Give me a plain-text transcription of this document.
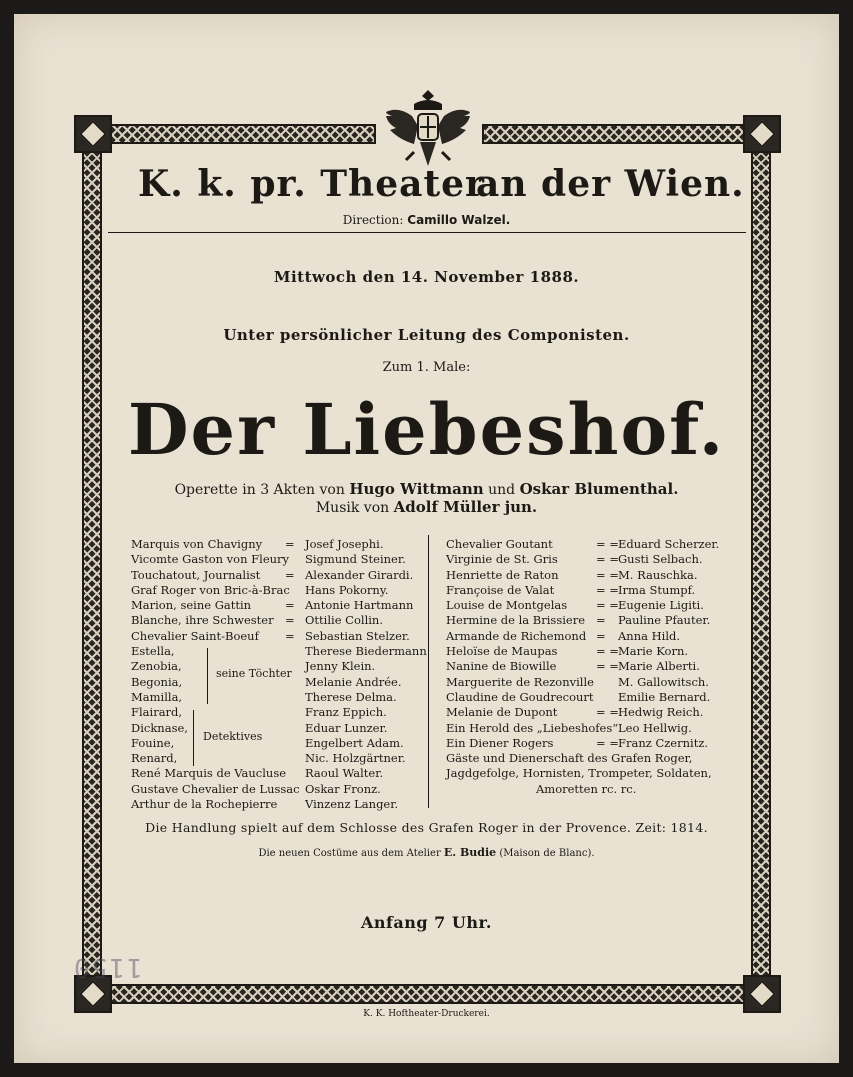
K. k. pr. Theater
an der Wien.
Direction: Camillo Walzel.
Mittwoch den 14. November 1888.
Unter persönlicher Leitung des Componisten.
Zum 1. Male:
Der Liebeshof.
Operette in 3 Akten von Hugo Wittmann und Oskar Blumenthal.
Musik von Adolf Müller jun.
Marquis von Chavigny = Josef Josephi.
Vicomte Gaston von Fleury Sigmund Steiner.
Touchatout, Journalist = Alexander Girardi.
Graf Roger von Bric-à-Brac Hans Pokorny.
Marion, seine Gattin	= Antonie Hartmann
Blanche, ihre Schwester = Ottilie Collin.
Chevalier Saint-Boeuf = Sebastian Stelzer.
Estella,	Therese Biedermann
Zenobia,	Jenny Klein.
Begonia,	Melanie Andrée.
Mamilla,	Therese Delma.
Flairard,	Franz Eppich.
Dicknase,	Eduar Lunzer.
Fouine,	Engelbert Adam.
Renard,	Nic. Holzgärtner.
René Marquis de Vaucluse Raoul Walter.
Gustave Chevalier de Lussac Oskar Fronz.
Arthur de la Rochepierre Vinzenz Langer.
Chevalier Goutant	= = Eduard Scherzer.
Virginie de St. Gris	= = Gusti Selbach.
Henriette de Raton	= = M. Rauschka.
Françoise de Valat	= = Irma Stumpf.
Louise de Montgelas	= = Eugenie Ligiti.
Hermine de la Brissiere = Pauline Pfauter.
Armande de Richemond = Anna Hild.
Heloïse de Maupas	= = Marie Korn.
Nanine de Biowille	= = Marie Alberti.
Marguerite de Rezonville M. Gallowitsch.
Claudine de Goudrecourt Emilie Bernard.
Melanie de Dupont	= = Hedwig Reich.
Ein Herold des „Liebeshofes“ Leo Hellwig.
Ein Diener Rogers	= = Franz Czernitz.
Gäste und Dienerschaft des Grafen Roger,
Jagdgefolge, Hornisten, Trompeter, Soldaten,
Amoretten rc. rc.
seine Töchter
Detektives
Die Handlung spielt auf dem Schlosse des Grafen Roger in der Provence. Zeit: 1814.
Die neuen Costüme aus dem Atelier E. Budie (Maison de Blanc).
Anfang 7 Uhr.
K. K. Hoftheater-Druckerei.
1150
